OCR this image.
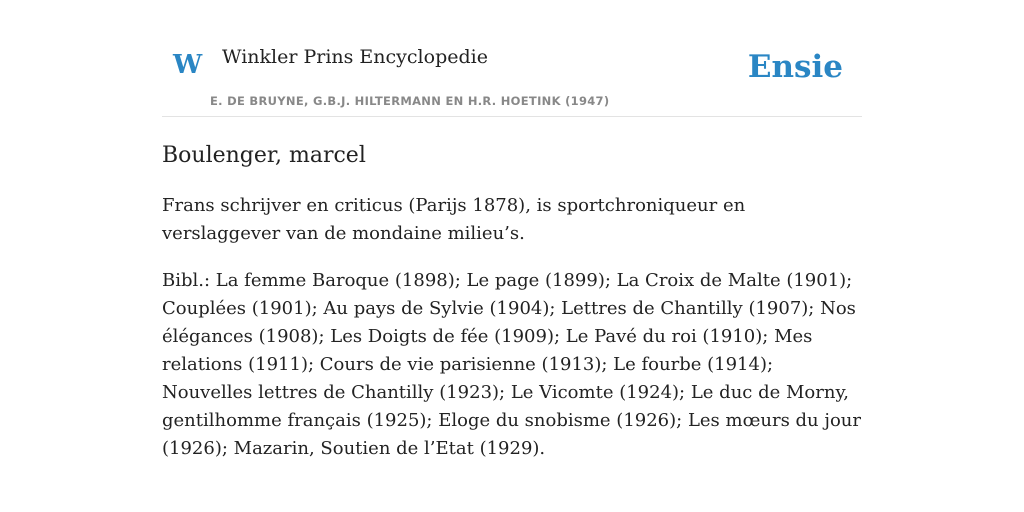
W Winkler Prins Encyclopedie
E. DE BRUYNE, G.B.J. HILTERMANN EN H.R. HOETINK (1947)
Ensie
Boulenger, marcel

Frans schrijver en criticus (Parijs 1878), is sportchroniqueur en verslaggever van de mondaine milieu’s.

Bibl.: La femme Baroque (1898); Le page (1899); La Croix de Malte (1901); Couplées (1901); Au pays de Sylvie (1904); Lettres de Chantilly (1907); Nos élégances (1908); Les Doigts de fée (1909); Le Pavé du roi (1910); Mes relations (1911); Cours de vie parisienne (1913); Le fourbe (1914); Nouvelles lettres de Chantilly (1923); Le Vicomte (1924); Le duc de Morny, gentilhomme français (1925); Eloge du snobisme (1926); Les mœurs du jour (1926); Mazarin, Soutien de l’Etat (1929).
